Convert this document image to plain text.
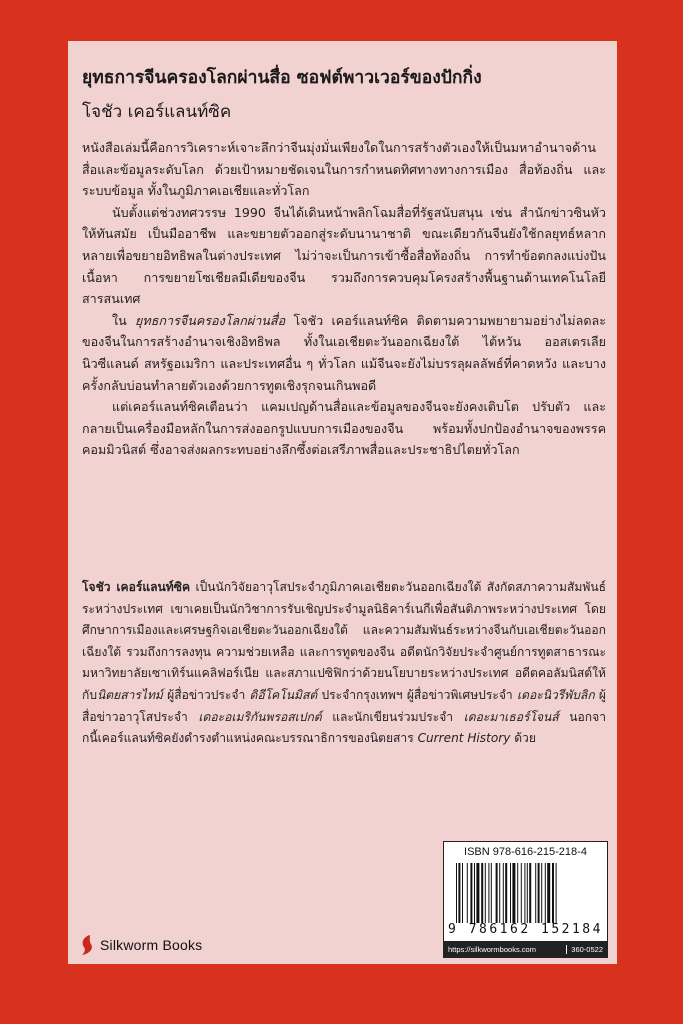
ยุทธการจีนครองโลกผ่านสื่อ ซอฟต์พาวเวอร์ของปักกิ่ง
โจชัว เคอร์แลนท์ซิค

หนังสือเล่มนี้คือการวิเคราะห์เจาะลึกว่าจีนมุ่งมั่นเพียงใดในการสร้างตัวเองให้เป็นมหาอำนาจด้านสื่อและข้อมูลระดับโลก ด้วยเป้าหมายชัดเจนในการกำหนดทิศทางทางการเมือง สื่อท้องถิ่น และระบบข้อมูล ทั้งในภูมิภาคเอเชียและทั่วโลก

นับตั้งแต่ช่วงทศวรรษ 1990 จีนได้เดินหน้าพลิกโฉมสื่อที่รัฐสนับสนุน เช่น สำนักข่าวซินหัว ให้ทันสมัย เป็นมืออาชีพ และขยายตัวออกสู่ระดับนานาชาติ ขณะเดียวกันจีนยังใช้กลยุทธ์หลากหลายเพื่อขยายอิทธิพลในต่างประเทศ ไม่ว่าจะเป็นการเข้าซื้อสื่อท้องถิ่น การทำข้อตกลงแบ่งปันเนื้อหา การขยายโซเชียลมีเดียของจีน รวมถึงการควบคุมโครงสร้างพื้นฐานด้านเทคโนโลยีสารสนเทศ

ใน ยุทธการจีนครองโลกผ่านสื่อ โจชัว เคอร์แลนท์ซิค ติดตามความพยายามอย่างไม่ลดละของจีนในการสร้างอำนาจเชิงอิทธิพล ทั้งในเอเชียตะวันออกเฉียงใต้ ไต้หวัน ออสเตรเลีย นิวซีแลนด์ สหรัฐอเมริกา และประเทศอื่น ๆ ทั่วโลก แม้จีนจะยังไม่บรรลุผลลัพธ์ที่คาดหวัง และบางครั้งกลับบ่อนทำลายตัวเองด้วยการทูตเชิงรุกจนเกินพอดี

แต่เคอร์แลนท์ซิคเตือนว่า แคมเปญด้านสื่อและข้อมูลของจีนจะยังคงเติบโต ปรับตัว และกลายเป็นเครื่องมือหลักในการส่งออกรูปแบบการเมืองของจีน พร้อมทั้งปกป้องอำนาจของพรรคคอมมิวนิสต์ ซึ่งอาจส่งผลกระทบอย่างลึกซึ้งต่อเสรีภาพสื่อและประชาธิปไตยทั่วโลก

โจชัว เคอร์แลนท์ซิค เป็นนักวิจัยอาวุโสประจำภูมิภาคเอเชียตะวันออกเฉียงใต้ สังกัดสภาความสัมพันธ์ระหว่างประเทศ เขาเคยเป็นนักวิชาการรับเชิญประจำมูลนิธิคาร์เนกีเพื่อสันติภาพระหว่างประเทศ โดยศึกษาการเมืองและเศรษฐกิจเอเชียตะวันออกเฉียงใต้ และความสัมพันธ์ระหว่างจีนกับเอเชียตะวันออกเฉียงใต้ รวมถึงการลงทุน ความช่วยเหลือ และการทูตของจีน อดีตนักวิจัยประจำศูนย์การทูตสาธารณะ มหาวิทยาลัยเซาเทิร์นแคลิฟอร์เนีย และสภาแปซิฟิกว่าด้วยนโยบายระหว่างประเทศ อดีตคอลัมนิสต์ให้กับนิตยสารไทม์ ผู้สื่อข่าวประจำ ดิอีโคโนมิสต์ ประจำกรุงเทพฯ ผู้สื่อข่าวพิเศษประจำ เดอะนิวรีพับลิก ผู้สื่อข่าวอาวุโสประจำ เดอะอเมริกันพรอสเปกต์ และนักเขียนร่วมประจำ เดอะมาเธอร์โจนส์ นอกจากนี้เคอร์แลนท์ซิคยังดำรงตำแหน่งคณะบรรณาธิการของนิตยสาร Current History ด้วย

Silkworm Books
ISBN 978-616-215-218-4
9 786162 152184
https://silkwormbooks.com	360-0522
